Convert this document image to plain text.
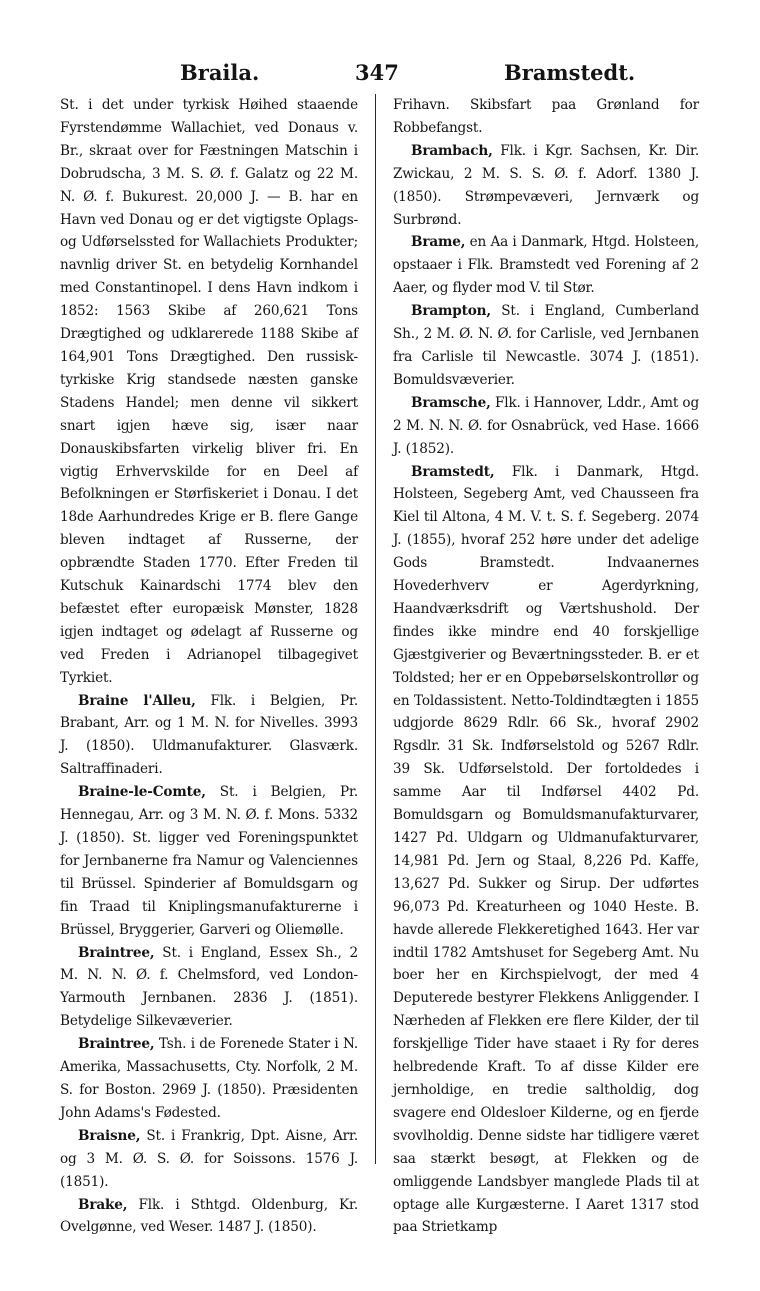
Braila.	347	Bramstedt.

St. i det under tyrkisk Høihed staaende Fyrstendømme Wallachiet, ved Donaus v. Br., skraat over for Fæstningen Matschin i Dobrudscha, 3 M. S. Ø. f. Galatz og 22 M. N. Ø. f. Bukurest. 20,000 J. — B. har en Havn ved Donau og er det vigtigste Oplags- og Udførselssted for Wallachiets Produkter; navnlig driver St. en betydelig Kornhandel med Constantinopel. I dens Havn indkom i 1852: 1563 Skibe af 260,621 Tons Drægtighed og udklarerede 1188 Skibe af 164,901 Tons Drægtighed. Den russisk-tyrkiske Krig standsede næsten ganske Stadens Handel; men denne vil sikkert snart igjen hæve sig, især naar Donauskibsfarten virkelig bliver fri. En vigtig Erhvervskilde for en Deel af Befolkningen er Størfiskeriet i Donau. I det 18de Aarhundredes Krige er B. flere Gange bleven indtaget af Russerne, der opbrændte Staden 1770. Efter Freden til Kutschuk Kainardschi 1774 blev den befæstet efter europæisk Mønster, 1828 igjen indtaget og ødelagt af Russerne og ved Freden i Adrianopel tilbagegivet Tyrkiet.

Braine l'Alleu, Flk. i Belgien, Pr. Brabant, Arr. og 1 M. N. for Nivelles. 3993 J. (1850). Uldmanufakturer. Glasværk. Saltraffinaderi.

Braine-le-Comte, St. i Belgien, Pr. Hennegau, Arr. og 3 M. N. Ø. f. Mons. 5332 J. (1850). St. ligger ved Foreningspunktet for Jernbanerne fra Namur og Valenciennes til Brüssel. Spinderier af Bomuldsgarn og fin Traad til Kniplingsmanufakturerne i Brüssel, Bryggerier, Garveri og Oliemølle.

Braintree, St. i England, Essex Sh., 2 M. N. N. Ø. f. Chelmsford, ved London-Yarmouth Jernbanen. 2836 J. (1851). Betydelige Silkevæverier.

Braintree, Tsh. i de Forenede Stater i N. Amerika, Massachusetts, Cty. Norfolk, 2 M. S. for Boston. 2969 J. (1850). Præsidenten John Adams's Fødested.

Braisne, St. i Frankrig, Dpt. Aisne, Arr. og 3 M. Ø. S. Ø. for Soissons. 1576 J. (1851).

Brake, Flk. i Sthtgd. Oldenburg, Kr. Ovelgønne, ved Weser. 1487 J. (1850).

Frihavn. Skibsfart paa Grønland for Robbefangst.

Brambach, Flk. i Kgr. Sachsen, Kr. Dir. Zwickau, 2 M. S. S. Ø. f. Adorf. 1380 J. (1850). Strømpevæveri, Jernværk og Surbrønd.

Brame, en Aa i Danmark, Htgd. Holsteen, opstaaer i Flk. Bramstedt ved Forening af 2 Aaer, og flyder mod V. til Stør.

Brampton, St. i England, Cumberland Sh., 2 M. Ø. N. Ø. for Carlisle, ved Jernbanen fra Carlisle til Newcastle. 3074 J. (1851). Bomuldsvæverier.

Bramsche, Flk. i Hannover, Lddr., Amt og 2 M. N. N. Ø. for Osnabrück, ved Hase. 1666 J. (1852).

Bramstedt, Flk. i Danmark, Htgd. Holsteen, Segeberg Amt, ved Chausseen fra Kiel til Altona, 4 M. V. t. S. f. Segeberg. 2074 J. (1855), hvoraf 252 høre under det adelige Gods Bramstedt. Indvaanernes Hovederhverv er Agerdyrkning, Haandværksdrift og Værtshushold. Der findes ikke mindre end 40 forskjellige Gjæstgiverier og Beværtningssteder. B. er et Toldsted; her er en Oppebørselskontrollør og en Toldassistent. Netto-Toldindtægten i 1855 udgjorde 8629 Rdlr. 66 Sk., hvoraf 2902 Rgsdlr. 31 Sk. Indførselstold og 5267 Rdlr. 39 Sk. Udførselstold. Der fortoldedes i samme Aar til Indførsel 4402 Pd. Bomuldsgarn og Bomuldsmanufakturvarer, 1427 Pd. Uldgarn og Uldmanufakturvarer, 14,981 Pd. Jern og Staal, 8,226 Pd. Kaffe, 13,627 Pd. Sukker og Sirup. Der udførtes 96,073 Pd. Kreaturheen og 1040 Heste. B. havde allerede Flekkeretighed 1643. Her var indtil 1782 Amtshuset for Segeberg Amt. Nu boer her en Kirchspielvogt, der med 4 Deputerede bestyrer Flekkens Anliggender. I Nærheden af Flekken ere flere Kilder, der til forskjellige Tider have staaet i Ry for deres helbredende Kraft. To af disse Kilder ere jernholdige, en tredie saltholdig, dog svagere end Oldesloer Kilderne, og en fjerde svovlholdig. Denne sidste har tidligere været saa stærkt besøgt, at Flekken og de omliggende Landsbyer manglede Plads til at optage alle Kurgæsterne. I Aaret 1317 stod paa Strietkamp
